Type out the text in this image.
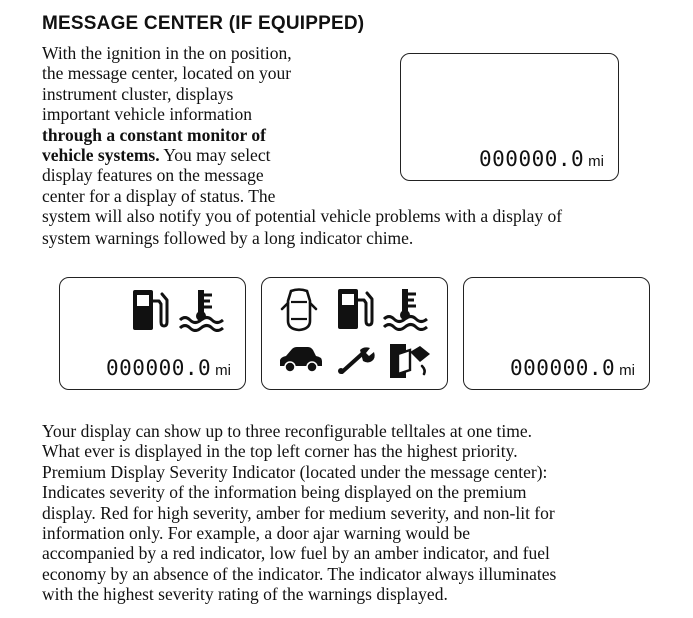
MESSAGE CENTER (IF EQUIPPED)

With the ignition in the on position,

the message center, located on your

instrument cluster, displays

important vehicle information

through a constant monitor of

vehicle systems. You may select

display features on the message

center for a display of status. The

system will also notify you of potential vehicle problems with a display of
system warnings followed by a long indicator chime.
000000.0 mi
000000.0 mi	000000.0 mi

Your display can show up to three reconfigurable telltales at one time.

What ever is displayed in the top left corner has the highest priority.

Premium Display Severity Indicator (located under the message center):

Indicates severity of the information being displayed on the premium

display. Red for high severity, amber for medium severity, and non-lit for

information only. For example, a door ajar warning would be

accompanied by a red indicator, low fuel by an amber indicator, and fuel

economy by an absence of the indicator. The indicator always illuminates

with the highest severity rating of the warnings displayed.
